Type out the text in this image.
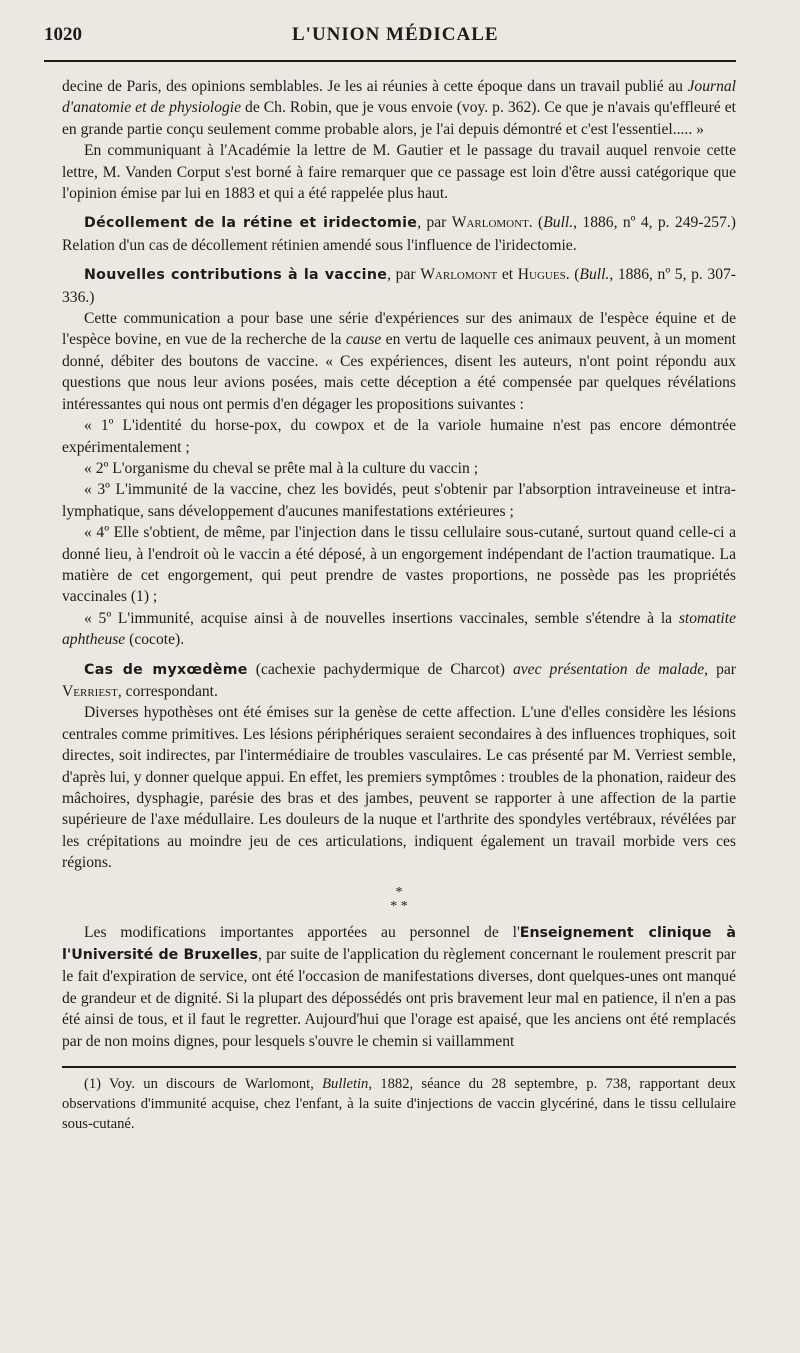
1020	L'UNION MÉDICALE

decine de Paris, des opinions semblables. Je les ai réunies à cette époque dans un travail publié au Journal d'anatomie et de physiologie de Ch. Robin, que je vous envoie (voy. p. 362). Ce que je n'avais qu'effleuré et en grande partie conçu seulement comme probable alors, je l'ai depuis démontré et c'est l'essentiel..... »

En communiquant à l'Académie la lettre de M. Gautier et le passage du travail auquel renvoie cette lettre, M. Vanden Corput s'est borné à faire remarquer que ce passage est loin d'être aussi catégorique que l'opinion émise par lui en 1883 et qui a été rappelée plus haut.

Décollement de la rétine et iridectomie, par Warlomont. (Bull., 1886, nº 4, p. 249-257.) Relation d'un cas de décollement rétinien amendé sous l'influence de l'iridectomie.

Nouvelles contributions à la vaccine, par Warlomont et Hugues. (Bull., 1886, nº 5, p. 307-336.)

Cette communication a pour base une série d'expériences sur des animaux de l'espèce équine et de l'espèce bovine, en vue de la recherche de la cause en vertu de laquelle ces animaux peuvent, à un moment donné, débiter des boutons de vaccine. « Ces expériences, disent les auteurs, n'ont point répondu aux questions que nous leur avions posées, mais cette déception a été compensée par quelques révélations intéressantes qui nous ont permis d'en dégager les propositions suivantes :

« 1º L'identité du horse-pox, du cowpox et de la variole humaine n'est pas encore démontrée expérimentalement ;

« 2º L'organisme du cheval se prête mal à la culture du vaccin ;

« 3º L'immunité de la vaccine, chez les bovidés, peut s'obtenir par l'absorption intraveineuse et intra-lymphatique, sans développement d'aucunes manifestations extérieures ;

« 4º Elle s'obtient, de même, par l'injection dans le tissu cellulaire sous-cutané, surtout quand celle-ci a donné lieu, à l'endroit où le vaccin a été déposé, à un engorgement indépendant de l'action traumatique. La matière de cet engorgement, qui peut prendre de vastes proportions, ne possède pas les propriétés vaccinales (1) ;

« 5º L'immunité, acquise ainsi à de nouvelles insertions vaccinales, semble s'étendre à la stomatite aphtheuse (cocote).

Cas de myxœdème (cachexie pachydermique de Charcot) avec présentation de malade, par Verriest, correspondant.

Diverses hypothèses ont été émises sur la genèse de cette affection. L'une d'elles considère les lésions centrales comme primitives. Les lésions périphériques seraient secondaires à des influences trophiques, soit directes, soit indirectes, par l'intermédiaire de troubles vasculaires. Le cas présenté par M. Verriest semble, d'après lui, y donner quelque appui. En effet, les premiers symptômes : troubles de la phonation, raideur des mâchoires, dysphagie, parésie des bras et des jambes, peuvent se rapporter à une affection de la partie supérieure de l'axe médullaire. Les douleurs de la nuque et l'arthrite des spondyles vertébraux, révélées par les crépitations au moindre jeu de ces articulations, indiquent également un travail morbide vers ces régions.

*
* *

Les modifications importantes apportées au personnel de l'Enseignement clinique à l'Université de Bruxelles, par suite de l'application du règlement concernant le roulement prescrit par le fait d'expiration de service, ont été l'occasion de manifestations diverses, dont quelques-unes ont manqué de grandeur et de dignité. Si la plupart des dépossédés ont pris bravement leur mal en patience, il n'en a pas été ainsi de tous, et il faut le regretter. Aujourd'hui que l'orage est apaisé, que les anciens ont été remplacés par de non moins dignes, pour lesquels s'ouvre le chemin si vaillamment

(1) Voy. un discours de Warlomont, Bulletin, 1882, séance du 28 septembre, p. 738, rapportant deux observations d'immunité acquise, chez l'enfant, à la suite d'injections de vaccin glycériné, dans le tissu cellulaire sous-cutané.
